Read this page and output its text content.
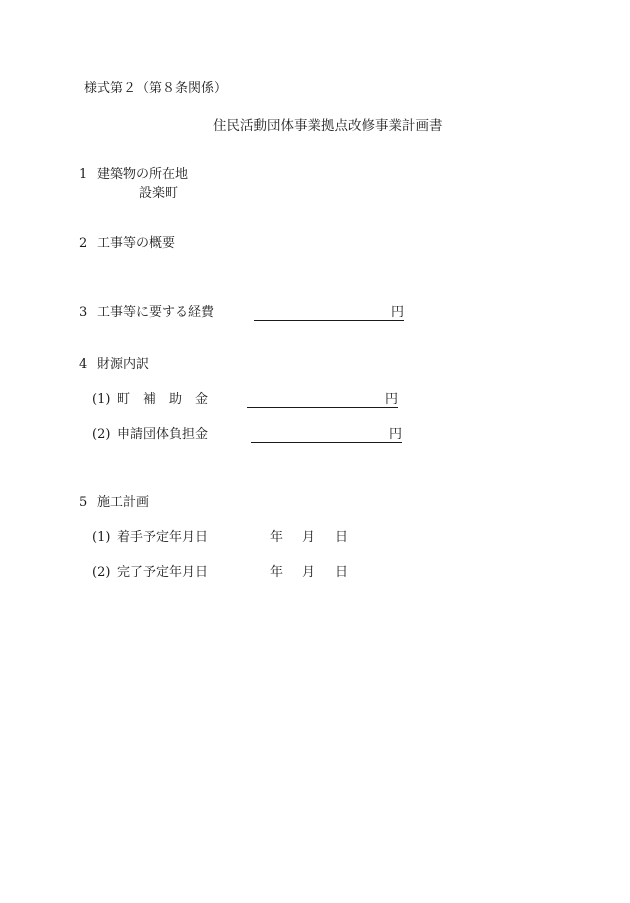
様式第２（第８条関係）
住民活動団体事業拠点改修事業計画書
1 建築物の所在地
設楽町
2 工事等の概要
3 工事等に要する経費	円
4 財源内訳
(1) 町　補　助　金	円
(2) 申請団体負担金	円
5 施工計画
(1) 着手予定年月日	年 月 日
(2) 完了予定年月日	年 月 日
